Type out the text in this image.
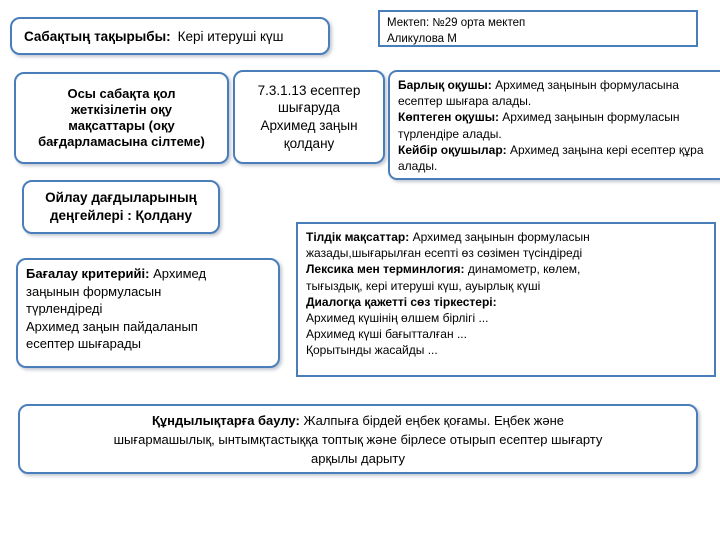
Сабақтың тақырыбы: Кері итеруші күш
Мектеп: №29 орта мектеп
Аликулова М
Осы сабақта қол
жеткізілетін оқу
мақсаттары (оқу
бағдарламасына сілтеме)
7.3.1.13 есептер
шығаруда
Архимед заңын
қолдану
Барлық оқушы: Архимед заңынын формуласына есептер шығара алады.
Көптеген оқушы: Архимед заңынын формуласын түрлендіре алады.
Кейбір оқушылар: Архимед заңына кері есептер құра алады.
Ойлау дағдыларының
деңгейлері : Қолдану
Бағалау критерийі: Архимед
заңынын формуласын
түрлендіреді
Архимед заңын пайдаланып
есептер шығарады
Тілдік мақсаттар: Архимед заңынын формуласын
жазады,шығарылған есепті өз сөзімен түсіндіреді
Лексика мен терминлогия: динамометр, көлем,
тығыздық, кері итеруші күш, ауырлық күші
Диалогқа қажетті сөз тіркестері:
Архимед күшінің өлшем бірлігі ...
Архимед күші бағытталған ...
Қорытынды жасайды ...
Құндылықтарға баулу: Жалпыға бірдей еңбек қоғамы. Еңбек және
шығармашылық, ынтымқтастыққа топтық және бірлесе отырып есептер шығарту
арқылы дарыту
